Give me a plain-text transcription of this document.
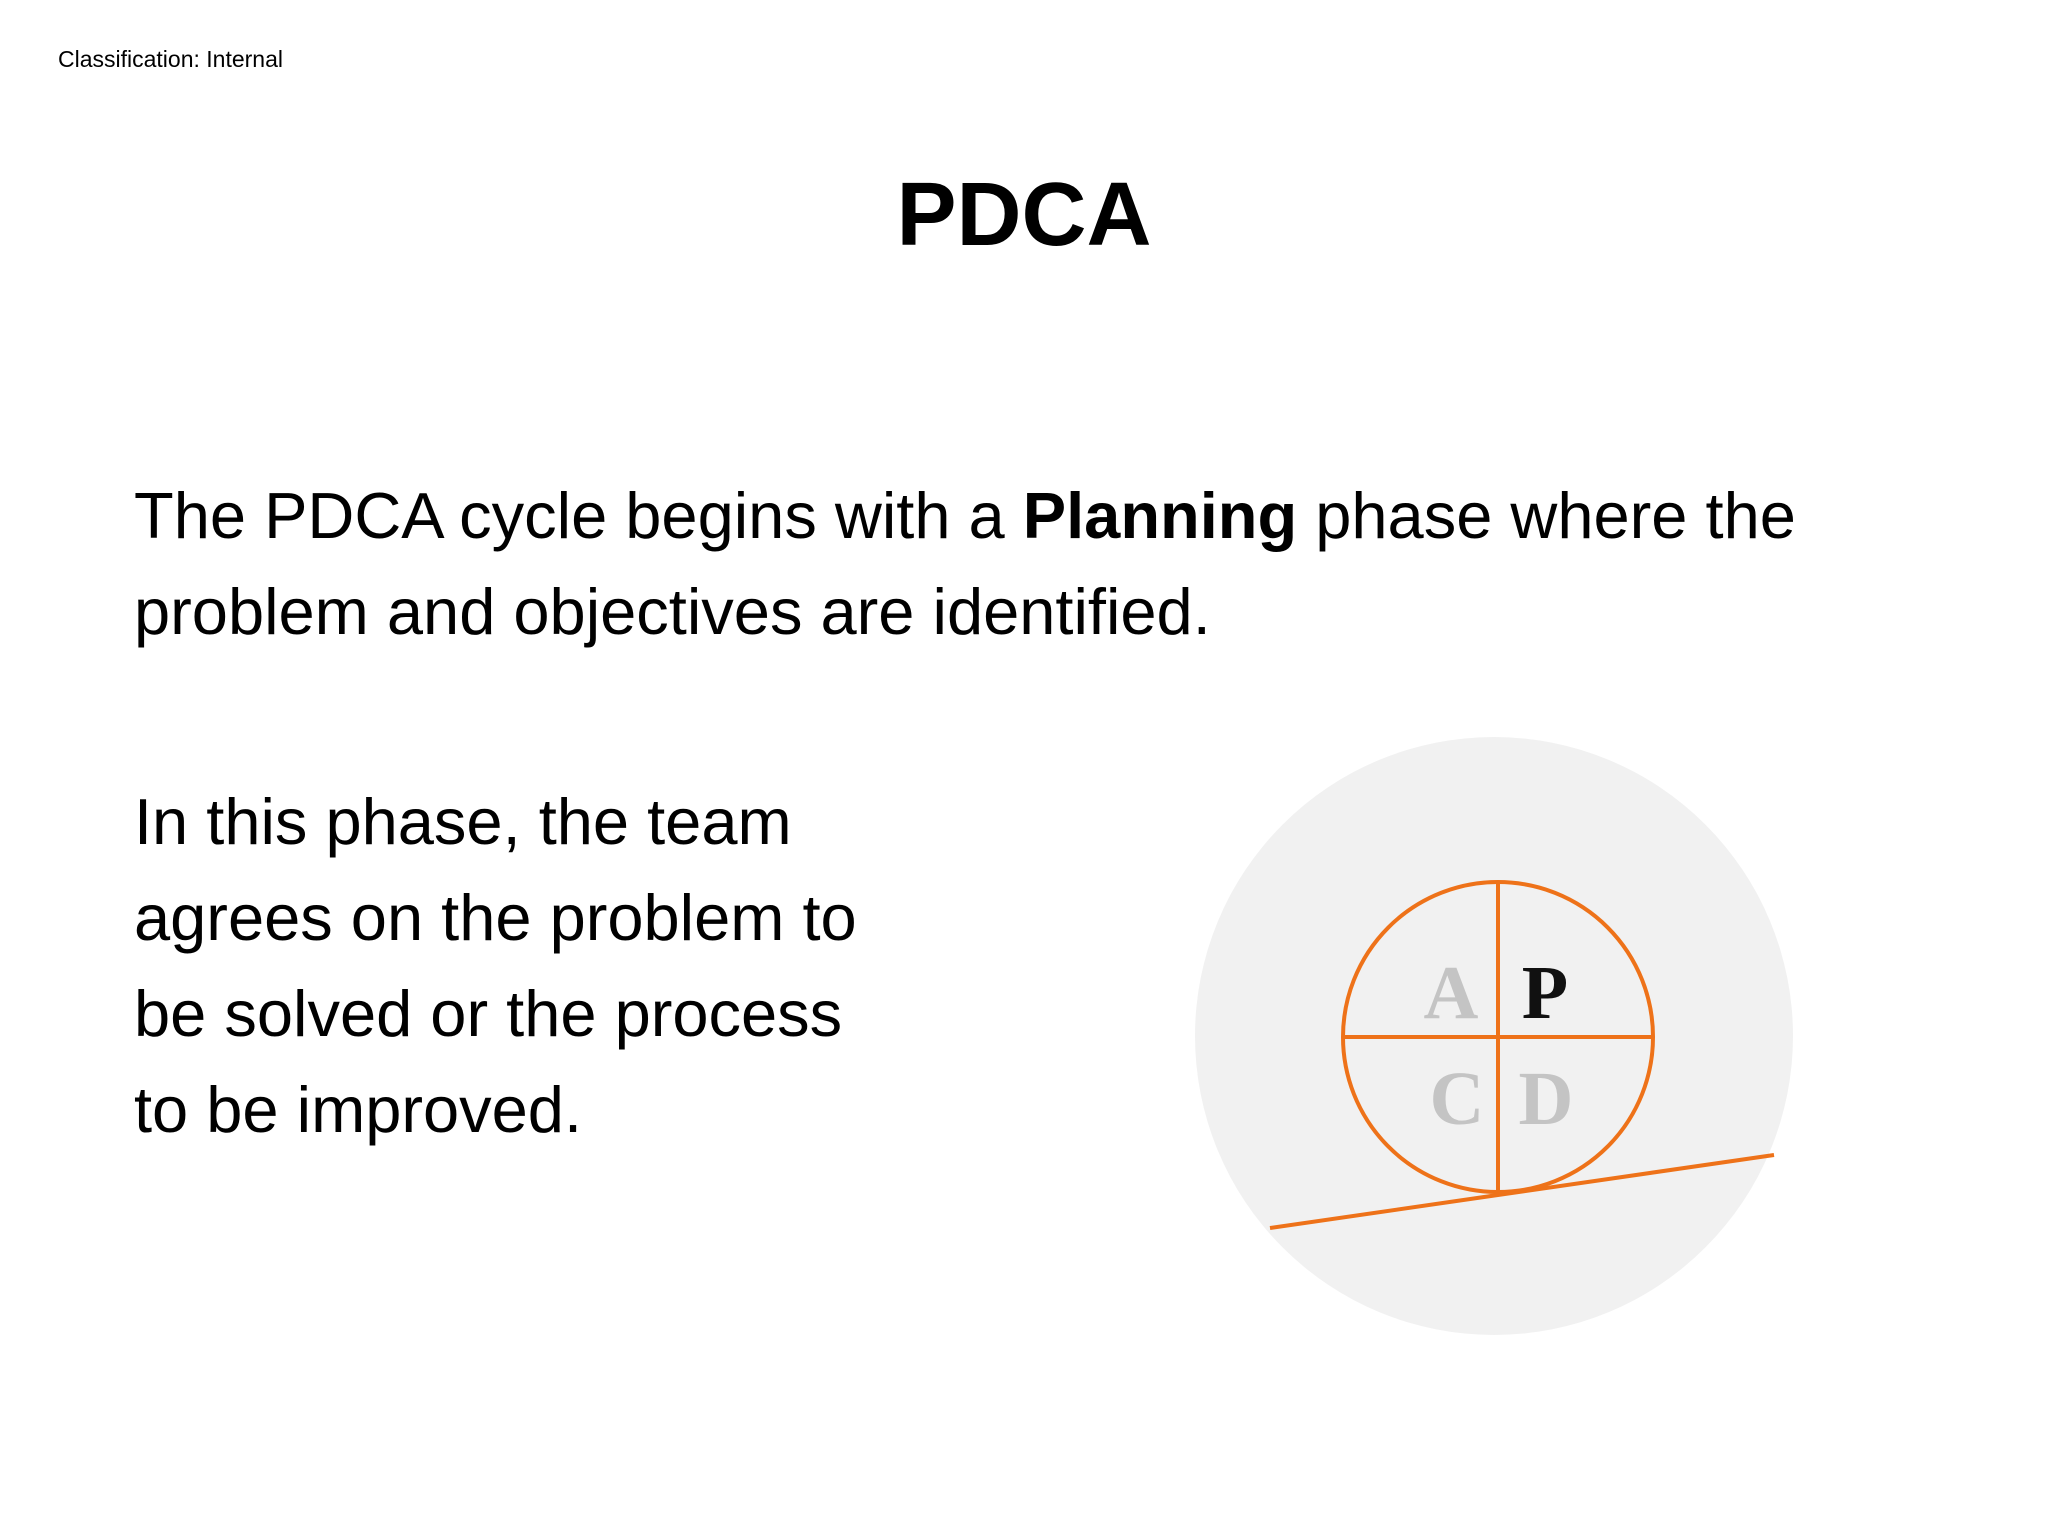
Classification: Internal
PDCA

The PDCA cycle begins with a Planning phase where the problem and objectives are identified.

In this phase, the team
agrees on the problem to
be solved or the process
to be improved.

A P
C D
